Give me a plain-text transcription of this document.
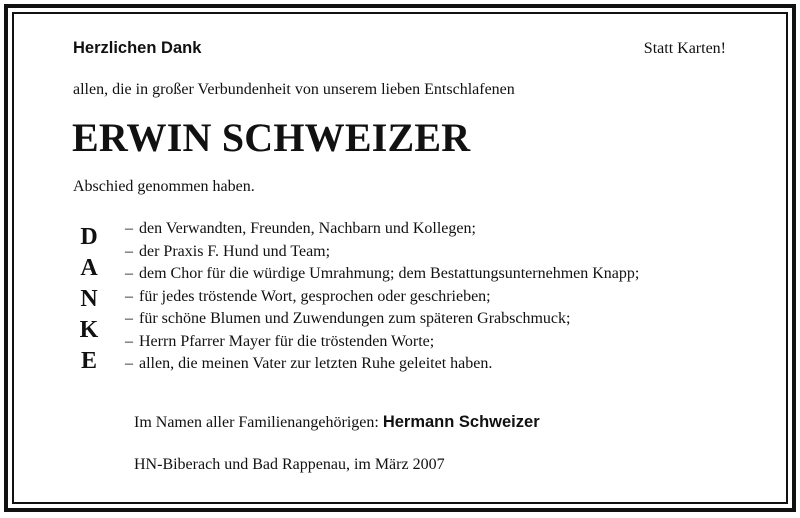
Herzlichen Dank	Statt Karten!
allen, die in großer Verbundenheit von unserem lieben Entschlafenen
ERWIN SCHWEIZER
Abschied genommen haben.
D
A
N
K
E
– den Verwandten, Freunden, Nachbarn und Kollegen;
– der Praxis F. Hund und Team;
– dem Chor für die würdige Umrahmung; dem Bestattungsunternehmen Knapp;
– für jedes tröstende Wort, gesprochen oder geschrieben;
– für schöne Blumen und Zuwendungen zum späteren Grabschmuck;
– Herrn Pfarrer Mayer für die tröstenden Worte;
– allen, die meinen Vater zur letzten Ruhe geleitet haben.
Im Namen aller Familienangehörigen: Hermann Schweizer
HN-Biberach und Bad Rappenau, im März 2007
